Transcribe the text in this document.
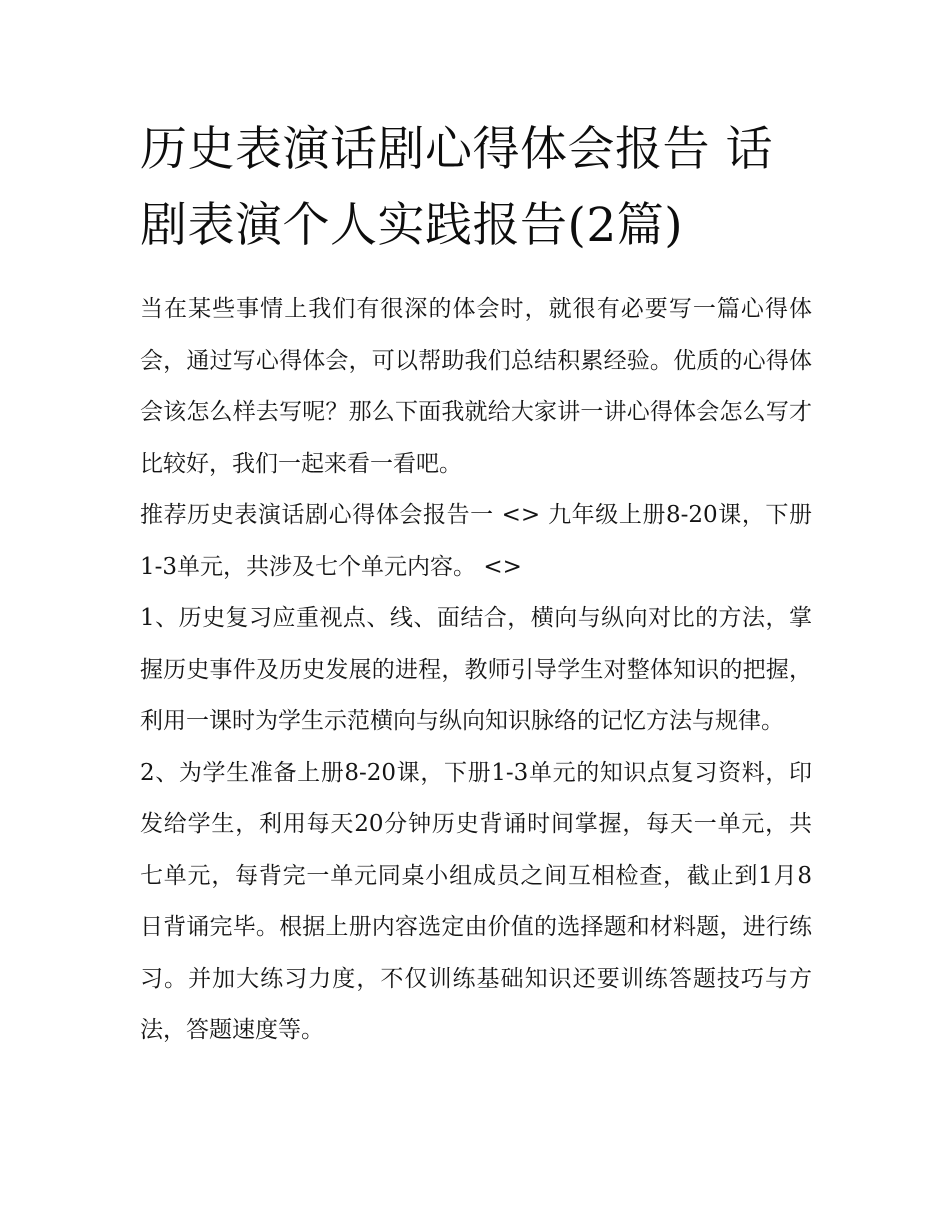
历史表演话剧心得体会报告 话剧表演个人实践报告(2篇)

当在某些事情上我们有很深的体会时，就很有必要写一篇心得体会，通过写心得体会，可以帮助我们总结积累经验。优质的心得体会该怎么样去写呢？那么下面我就给大家讲一讲心得体会怎么写才比较好，我们一起来看一看吧。

推荐历史表演话剧心得体会报告一 <> 九年级上册8-20课，下册1-3单元，共涉及七个单元内容。 <>

1、历史复习应重视点、线、面结合，横向与纵向对比的方法，掌握历史事件及历史发展的进程，教师引导学生对整体知识的把握，利用一课时为学生示范横向与纵向知识脉络的记忆方法与规律。

2、为学生准备上册8-20课，下册1-3单元的知识点复习资料，印发给学生，利用每天20分钟历史背诵时间掌握，每天一单元，共七单元，每背完一单元同桌小组成员之间互相检查，截止到1月8日背诵完毕。根据上册内容选定由价值的选择题和材料题，进行练习。并加大练习力度，不仅训练基础知识还要训练答题技巧与方法，答题速度等。
